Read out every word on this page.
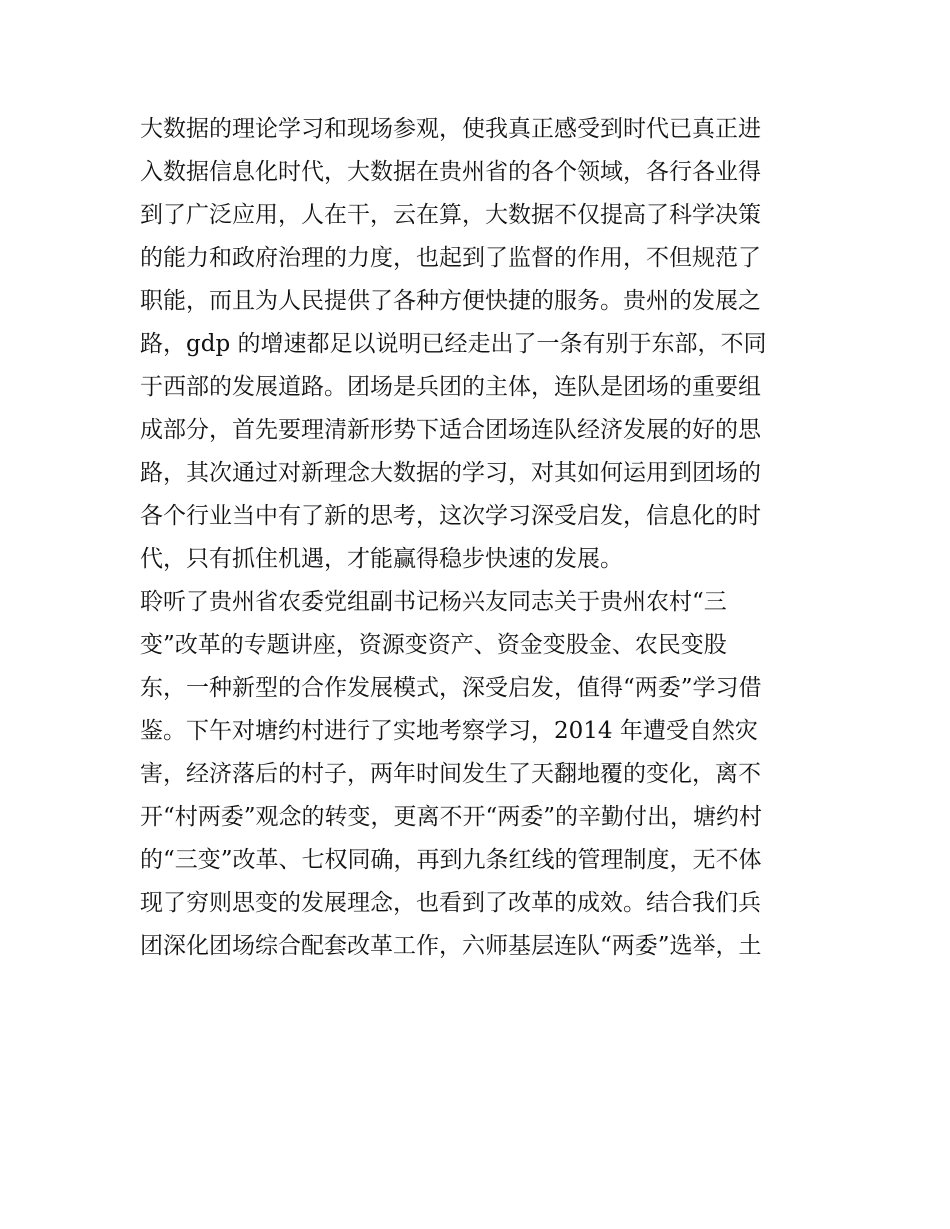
大数据的理论学习和现场参观，使我真正感受到时代已真正进
入数据信息化时代，大数据在贵州省的各个领域，各行各业得
到了广泛应用，人在干，云在算，大数据不仅提高了科学决策
的能力和政府治理的力度，也起到了监督的作用，不但规范了
职能，而且为人民提供了各种方便快捷的服务。贵州的发展之
路，gdp 的增速都足以说明已经走出了一条有别于东部，不同
于西部的发展道路。团场是兵团的主体，连队是团场的重要组
成部分，首先要理清新形势下适合团场连队经济发展的好的思
路，其次通过对新理念大数据的学习，对其如何运用到团场的
各个行业当中有了新的思考，这次学习深受启发，信息化的时
代，只有抓住机遇，才能赢得稳步快速的发展。
聆听了贵州省农委党组副书记杨兴友同志关于贵州农村“三
变”改革的专题讲座，资源变资产、资金变股金、农民变股
东，一种新型的合作发展模式，深受启发，值得“两委”学习借
鉴。下午对塘约村进行了实地考察学习，2014 年遭受自然灾
害，经济落后的村子，两年时间发生了天翻地覆的变化，离不
开“村两委”观念的转变，更离不开“两委”的辛勤付出，塘约村
的“三变”改革、七权同确，再到九条红线的管理制度，无不体
现了穷则思变的发展理念，也看到了改革的成效。结合我们兵
团深化团场综合配套改革工作，六师基层连队“两委”选举，土
